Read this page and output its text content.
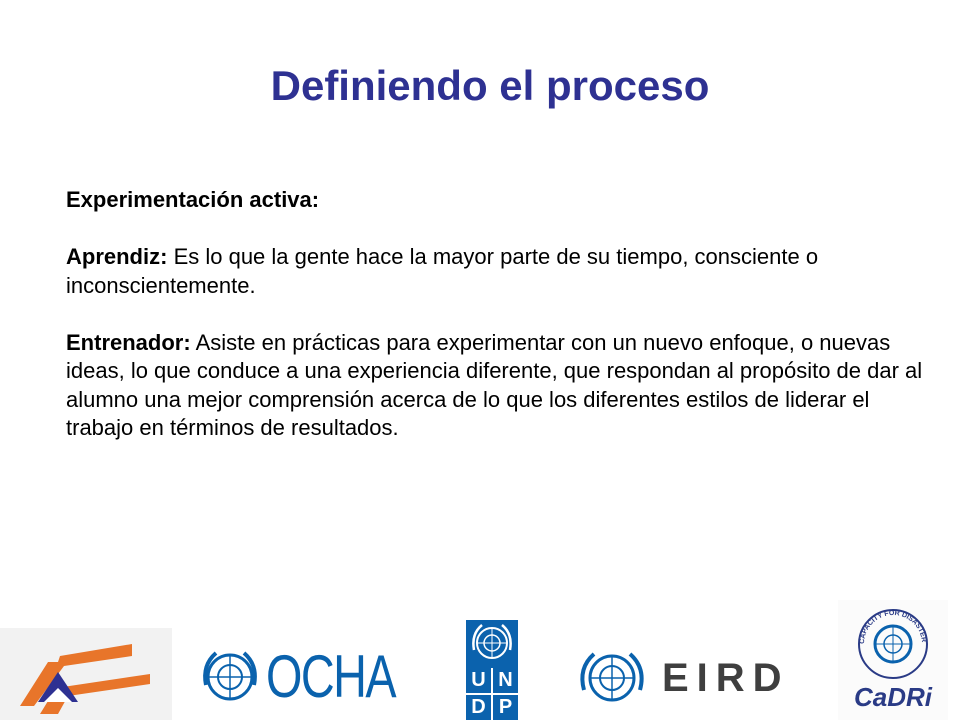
Definiendo el proceso

Experimentación activa:

Aprendiz: Es lo que la gente hace la mayor parte de su tiempo, consciente o inconscientemente.

Entrenador: Asiste en prácticas para experimentar con un nuevo enfoque, o nuevas ideas, lo que conduce a una experiencia diferente, que respondan al propósito de dar al alumno una mejor comprensión acerca de lo que los diferentes estilos de liderar el trabajo en términos de resultados.

OCHA	U N
D P
EIRD
CAPACITY FOR DISASTER
CaDRi
